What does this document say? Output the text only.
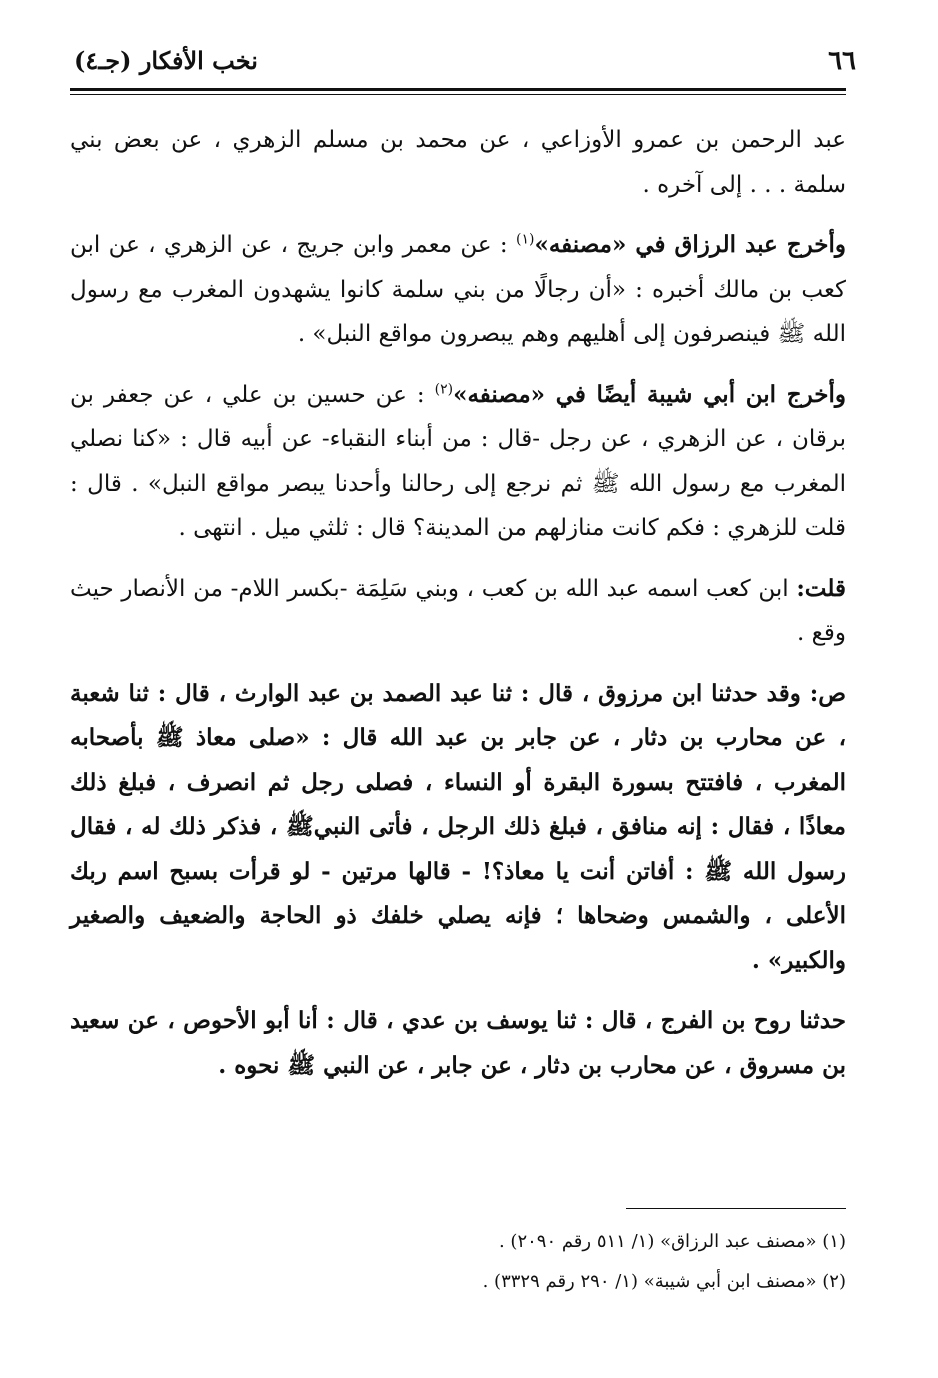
٦٦
نخب الأفكار (جـ٤)

عبد الرحمن بن عمرو الأوزاعي ، عن محمد بن مسلم الزهري ، عن بعض بني سلمة . . . إلى آخره .

وأخرج عبد الرزاق في «مصنفه»$^{(١)}$ : عن معمر وابن جريج ، عن الزهري ، عن ابن كعب بن مالك أخبره : «أن رجالًا من بني سلمة كانوا يشهدون المغرب مع رسول الله ﷺ فينصرفون إلى أهليهم وهم يبصرون مواقع النبل» .

وأخرج ابن أبي شيبة أيضًا في «مصنفه»$^{(٢)}$ : عن حسين بن علي ، عن جعفر بن برقان ، عن الزهري ، عن رجل -قال : من أبناء النقباء- عن أبيه قال : «كنا نصلي المغرب مع رسول الله ﷺ ثم نرجع إلى رحالنا وأحدنا يبصر مواقع النبل» . قال : قلت للزهري : فكم كانت منازلهم من المدينة؟ قال : ثلثي ميل . انتهى .

قلت: ابن كعب اسمه عبد الله بن كعب ، وبني سَلِمَة -بكسر اللام- من الأنصار حيث وقع .

ص: وقد حدثنا ابن مرزوق ، قال : ثنا عبد الصمد بن عبد الوارث ، قال : ثنا شعبة ، عن محارب بن دثار ، عن جابر بن عبد الله قال : «صلى معاذ ﷺ بأصحابه المغرب ، فافتتح بسورة البقرة أو النساء ، فصلى رجل ثم انصرف ، فبلغ ذلك معاذًا ، فقال : إنه منافق ، فبلغ ذلك الرجل ، فأتى النبيﷺ ، فذكر ذلك له ، فقال رسول الله ﷺ : أفاتن أنت يا معاذ؟! - قالها مرتين - لو قرأت بسبح اسم ربك الأعلى ، والشمس وضحاها ؛ فإنه يصلي خلفك ذو الحاجة والضعيف والصغير والكبير» .

حدثنا روح بن الفرج ، قال : ثنا يوسف بن عدي ، قال : أنا أبو الأحوص ، عن سعيد بن مسروق ، عن محارب بن دثار ، عن جابر ، عن النبي ﷺ نحوه .

(١) «مصنف عبد الرزاق» (١/ ٥١١ رقم ٢٠٩٠) .

(٢) «مصنف ابن أبي شيبة» (١/ ٢٩٠ رقم ٣٣٢٩) .
